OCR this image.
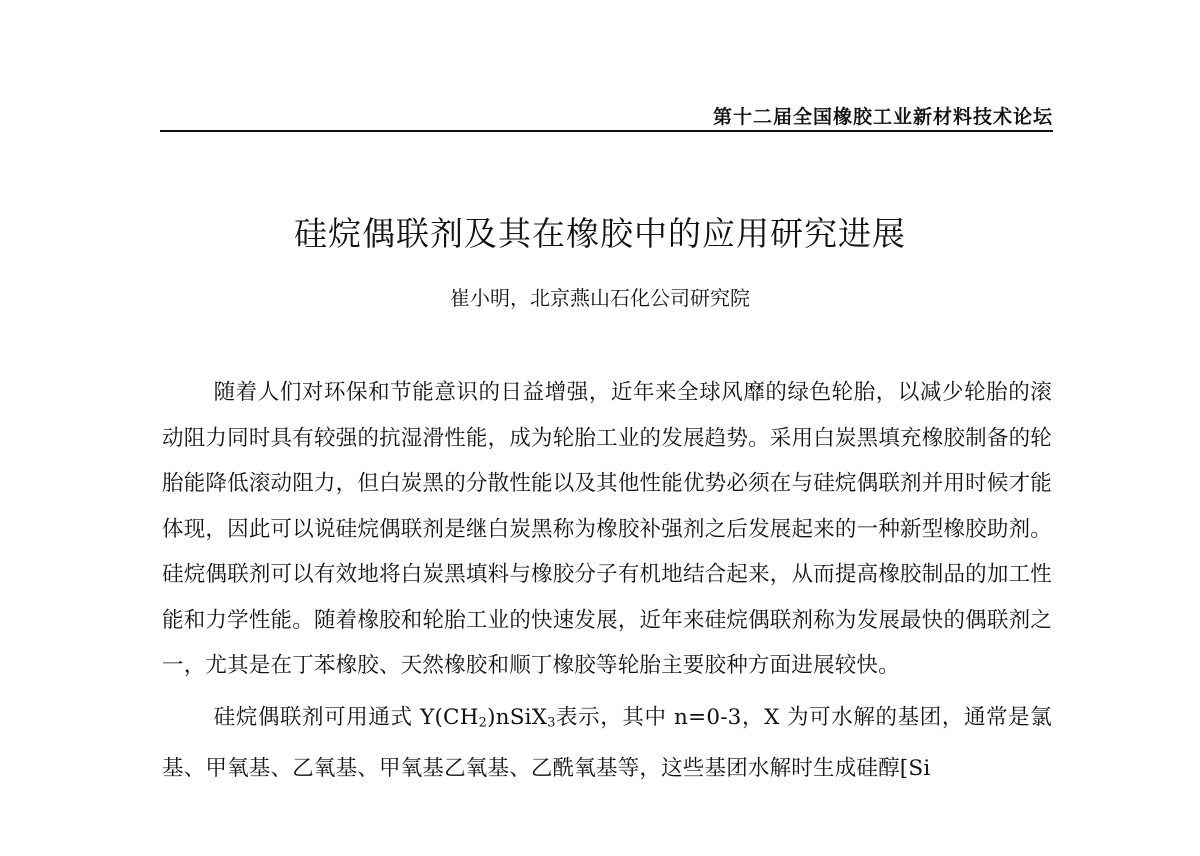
第十二届全国橡胶工业新材料技术论坛
硅烷偶联剂及其在橡胶中的应用研究进展
崔小明，北京燕山石化公司研究院

随着人们对环保和节能意识的日益增强，近年来全球风靡的绿色轮胎，以减少轮胎的滚动阻力同时具有较强的抗湿滑性能，成为轮胎工业的发展趋势。采用白炭黑填充橡胶制备的轮胎能降低滚动阻力，但白炭黑的分散性能以及其他性能优势必须在与硅烷偶联剂并用时候才能体现，因此可以说硅烷偶联剂是继白炭黑称为橡胶补强剂之后发展起来的一种新型橡胶助剂。硅烷偶联剂可以有效地将白炭黑填料与橡胶分子有机地结合起来，从而提高橡胶制品的加工性能和力学性能。随着橡胶和轮胎工业的快速发展，近年来硅烷偶联剂称为发展最快的偶联剂之一，尤其是在丁苯橡胶、天然橡胶和顺丁橡胶等轮胎主要胶种方面进展较快。

硅烷偶联剂可用通式 $Y(CH_2)nSiX_3$表示，其中 n=0-3，X 为可水解的基团，通常是氯基、甲氧基、乙氧基、甲氧基乙氧基、乙酰氧基等，这些基团水解时生成硅醇[Si
